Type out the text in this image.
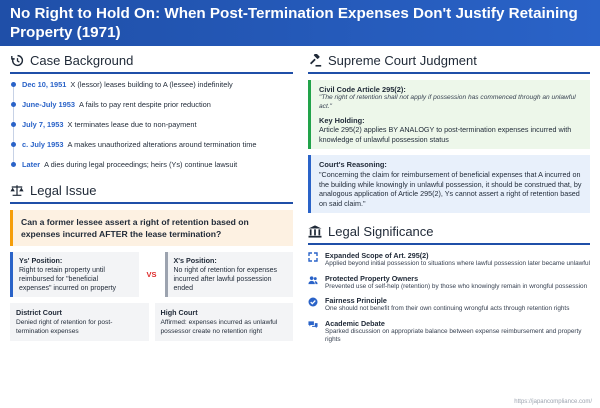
No Right to Hold On: When Post-Termination Expenses Don't Justify Retaining Property (1971)
Case Background
Dec 10, 1951 X (lessor) leases building to A (lessee) indefinitely
June-July 1953 A fails to pay rent despite prior reduction
July 7, 1953 X terminates lease due to non-payment
c. July 1953 A makes unauthorized alterations around termination time
Later A dies during legal proceedings; heirs (Ys) continue lawsuit
Legal Issue

Can a former lessee assert a right of retention based on expenses incurred AFTER the lease termination?

Ys' Position:
Right to retain property until reimbursed for "beneficial expenses" incurred on property
VS
X's Position:
No right of retention for expenses incurred after lawful possession ended
District Court
Denied right of retention for post-termination expenses
High Court
Affirmed: expenses incurred as unlawful possessor create no retention right
Supreme Court Judgment
Civil Code Article 295(2):
"The right of retention shall not apply if possession has commenced through an unlawful act."
Key Holding:
Article 295(2) applies BY ANALOGY to post-termination expenses incurred with knowledge of unlawful possession status
Court's Reasoning:
"Concerning the claim for reimbursement of beneficial expenses that A incurred on the building while knowingly in unlawful possession, it should be construed that, by analogous application of Article 295(2), Ys cannot assert a right of retention based on said claim."
Legal Significance
Expanded Scope of Art. 295(2)
Applied beyond initial possession to situations where lawful possession later became unlawful
Protected Property Owners
Prevented use of self-help (retention) by those who knowingly remain in wrongful possession
Fairness Principle
One should not benefit from their own continuing wrongful acts through retention rights
Academic Debate
Sparked discussion on appropriate balance between expense reimbursement and property rights
https://japancompliance.com/
